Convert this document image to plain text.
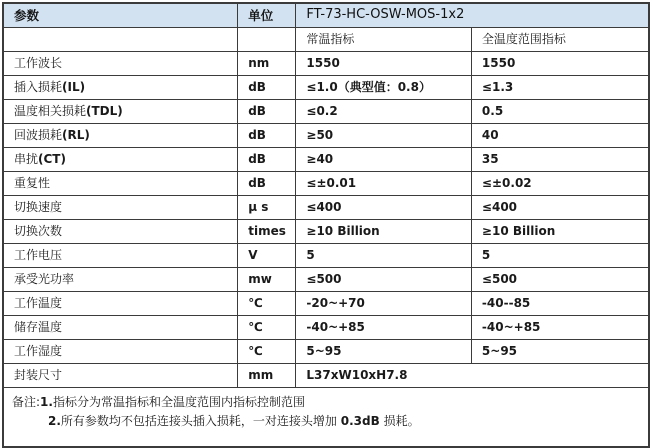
参数	单位	FT-73-HC-OSW-MOS-1x2	
		常温指标	全温度范围指标
工作波长	nm	1550	1550
插入损耗(IL)	dB	≤1.0（典型值：0.8）	≤1.3
温度相关损耗(TDL)	dB	≤0.2	0.5
回波损耗(RL)	dB	≥50	40
串扰(CT)	dB	≥40	35
重复性	dB	≤±0.01	≤±0.02
切换速度	μ s	≤400	≤400
切换次数	times	≥10 Billion	≥10 Billion
工作电压	V	5	5
承受光功率	mw	≤500	≤500
工作温度	℃	-20~+70	-40--85
储存温度	℃	-40~+85	-40~+85
工作湿度	℃	5~95	5~95
封装尺寸	mm	L37xW10xH7.8	

备注:1.指标分为常温指标和全温度范围内指标控制范围
2.所有参数均不包括连接头插入损耗，一对连接头增加 0.3dB 损耗。			
